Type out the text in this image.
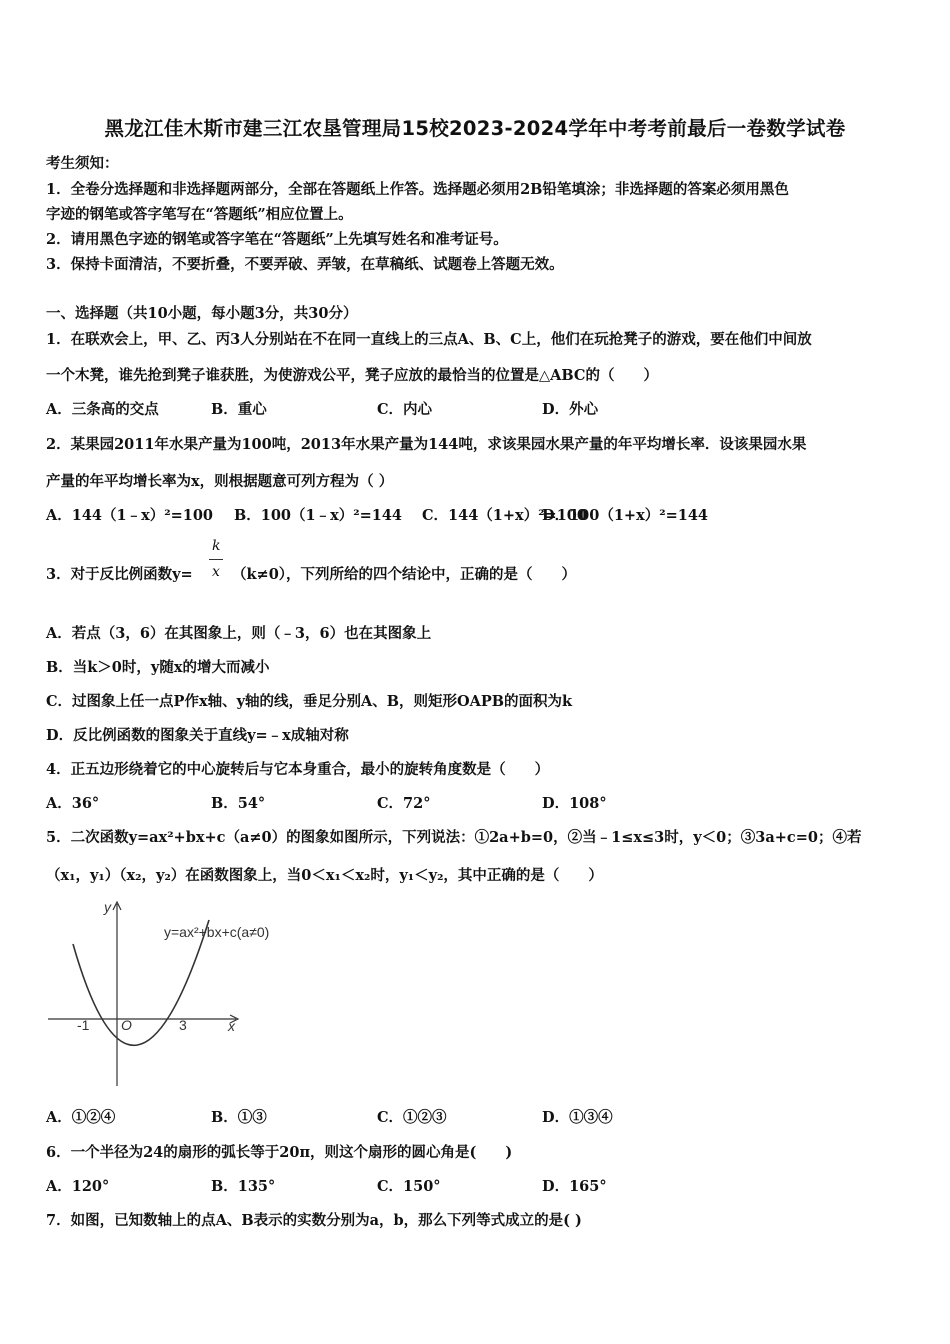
黑龙江佳木斯市建三江农垦管理局15校2023-2024学年中考考前最后一卷数学试卷
考生须知：
1．全卷分选择题和非选择题两部分，全部在答题纸上作答。选择题必须用2B铅笔填涂；非选择题的答案必须用黑色
字迹的钢笔或答字笔写在“答题纸”相应位置上。
2．请用黑色字迹的钢笔或答字笔在“答题纸”上先填写姓名和准考证号。
3．保持卡面清洁，不要折叠，不要弄破、弄皱，在草稿纸、试题卷上答题无效。
一、选择题（共10小题，每小题3分，共30分）
1．在联欢会上，甲、乙、丙3人分别站在不在同一直线上的三点A、B、C上，他们在玩抢凳子的游戏，要在他们中间放
一个木凳，谁先抢到凳子谁获胜，为使游戏公平，凳子应放的最恰当的位置是△ABC的（　　）
A．三条高的交点	B．重心	C．内心	D．外心
2．某果园2011年水果产量为100吨，2013年水果产量为144吨，求该果园水果产量的年平均增长率．设该果园水果
产量的年平均增长率为x，则根据题意可列方程为（ ）
A．144（1﹣x）²=100 B．100（1﹣x）²=144 C．144（1+x）²=100
D．100（1+x）²=144
3．对于反比例函数y=
k
x （k≠0），下列所给的四个结论中，正确的是（　　）
A．若点（3，6）在其图象上，则（﹣3，6）也在其图象上
B．当k＞0时，y随x的增大而减小
C．过图象上任一点P作x轴、y轴的线，垂足分别A、B，则矩形OAPB的面积为k
D．反比例函数的图象关于直线y=﹣x成轴对称
4．正五边形绕着它的中心旋转后与它本身重合，最小的旋转角度数是（　　）
A．36°	B．54°	C．72°	D．108°
5．二次函数y=ax²+bx+c（a≠0）的图象如图所示，下列说法：①2a+b=0，②当﹣1≤x≤3时，y＜0；③3a+c=0；④若
（x₁，y₁）（x₂，y₂）在函数图象上，当0＜x₁＜x₂时，y₁＜y₂，其中正确的是（　　）
y
x
O
-1	3
y=ax²+bx+c(a≠0)
A．①②④	B．①③	C．①②③	D．①③④
6．一个半径为24的扇形的弧长等于20π，则这个扇形的圆心角是(　　)
A．120°	B．135°	C．150°	D．165°
7．如图，已知数轴上的点A、B表示的实数分别为a，b，那么下列等式成立的是( )
